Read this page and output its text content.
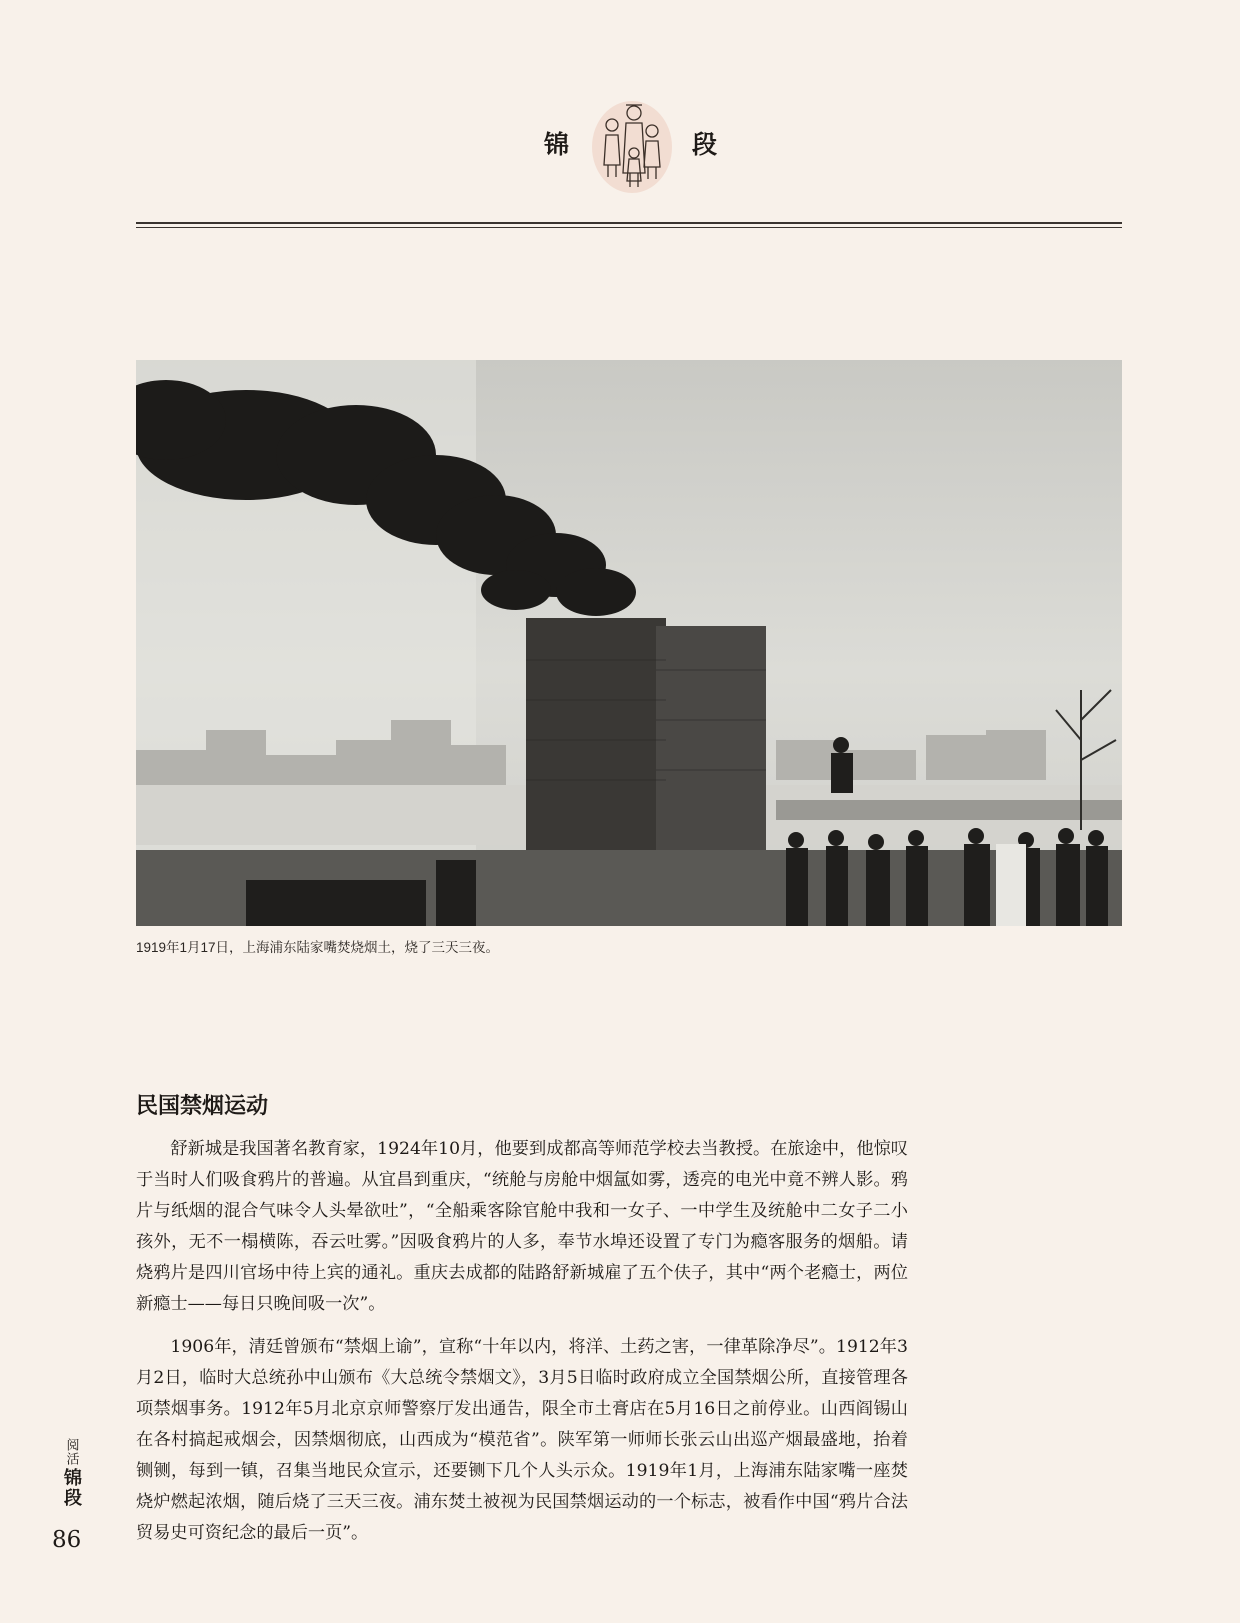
锦	段
1919年1月17日，上海浦东陆家嘴焚烧烟土，烧了三天三夜。
民国禁烟运动

舒新城是我国著名教育家，1924年10月，他要到成都高等师范学校去当教授。在旅途中，他惊叹于当时人们吸食鸦片的普遍。从宜昌到重庆，“统舱与房舱中烟氲如雾，透亮的电光中竟不辨人影。鸦片与纸烟的混合气味令人头晕欲吐”，“全船乘客除官舱中我和一女子、一中学生及统舱中二女子二小孩外，无不一榻横陈，吞云吐雾。”因吸食鸦片的人多，奉节水埠还设置了专门为瘾客服务的烟船。请烧鸦片是四川官场中待上宾的通礼。重庆去成都的陆路舒新城雇了五个伕子，其中“两个老瘾士，两位新瘾士——每日只晚间吸一次”。

1906年，清廷曾颁布“禁烟上谕”，宣称“十年以内，将洋、土药之害，一律革除净尽”。1912年3月2日，临时大总统孙中山颁布《大总统令禁烟文》，3月5日临时政府成立全国禁烟公所，直接管理各项禁烟事务。1912年5月北京京师警察厅发出通告，限全市土膏店在5月16日之前停业。山西阎锡山在各村搞起戒烟会，因禁烟彻底，山西成为“模范省”。陕军第一师师长张云山出巡产烟最盛地，抬着铡铡，每到一镇，召集当地民众宣示，还要铡下几个人头示众。1919年1月，上海浦东陆家嘴一座焚烧炉燃起浓烟，随后烧了三天三夜。浦东焚土被视为民国禁烟运动的一个标志，被看作中国“鸦片合法贸易史可资纪念的最后一页”。

阅活
锦段
86
